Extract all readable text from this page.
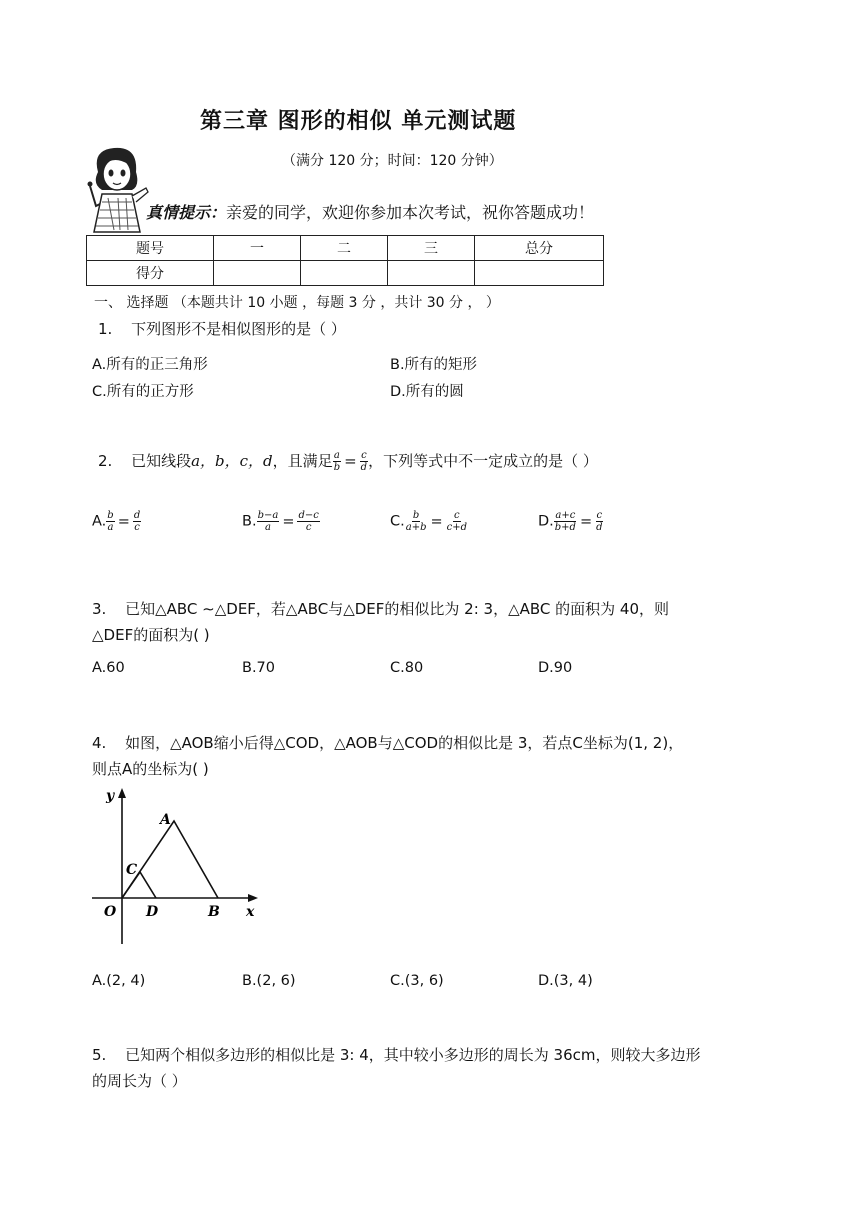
第三章 图形的相似 单元测试题
（满分 120 分；时间：120 分钟）
真情提示：亲爱的同学，欢迎你参加本次考试，祝你答题成功！
题号	一	二	三	总分
得分				
一、 选择题 （本题共计 10 小题 ，每题 3 分 ，共计 30 分 ， ）
1. 下列图形不是相似图形的是（ ）
A.所有的正三角形	B.所有的矩形
C.所有的正方形	D.所有的圆
2. 已知线段a，b，c，d，且满足 $\frac{a}{b} = \frac{c}{d}$ ，下列等式中不一定成立的是（ ）
A. $\frac{b}{a} = \frac{d}{c}$	B. $\frac{b-a}{a} = \frac{d-c}{c}$	C. $\frac{b}{a+b} = \frac{c}{c+d}$	D. $\frac{a+c}{b+d} = \frac{c}{d}$
3. 已知△ABC ∼△DEF，若△ABC与△DEF的相似比为 2: 3，△ABC 的面积为 40，则
△DEF的面积为( )
A.60	B.70	C.80	D.90
4. 如图，△AOB缩小后得△COD，△AOB与△COD的相似比是 3，若点C坐标为(1, 2)，
则点A的坐标为( )
y
x
A
C
O D	B
A.(2, 4)	B.(2, 6)	C.(3, 6)	D.(3, 4)
5. 已知两个相似多边形的相似比是 3: 4，其中较小多边形的周长为 36cm，则较大多边形
的周长为（ ）
